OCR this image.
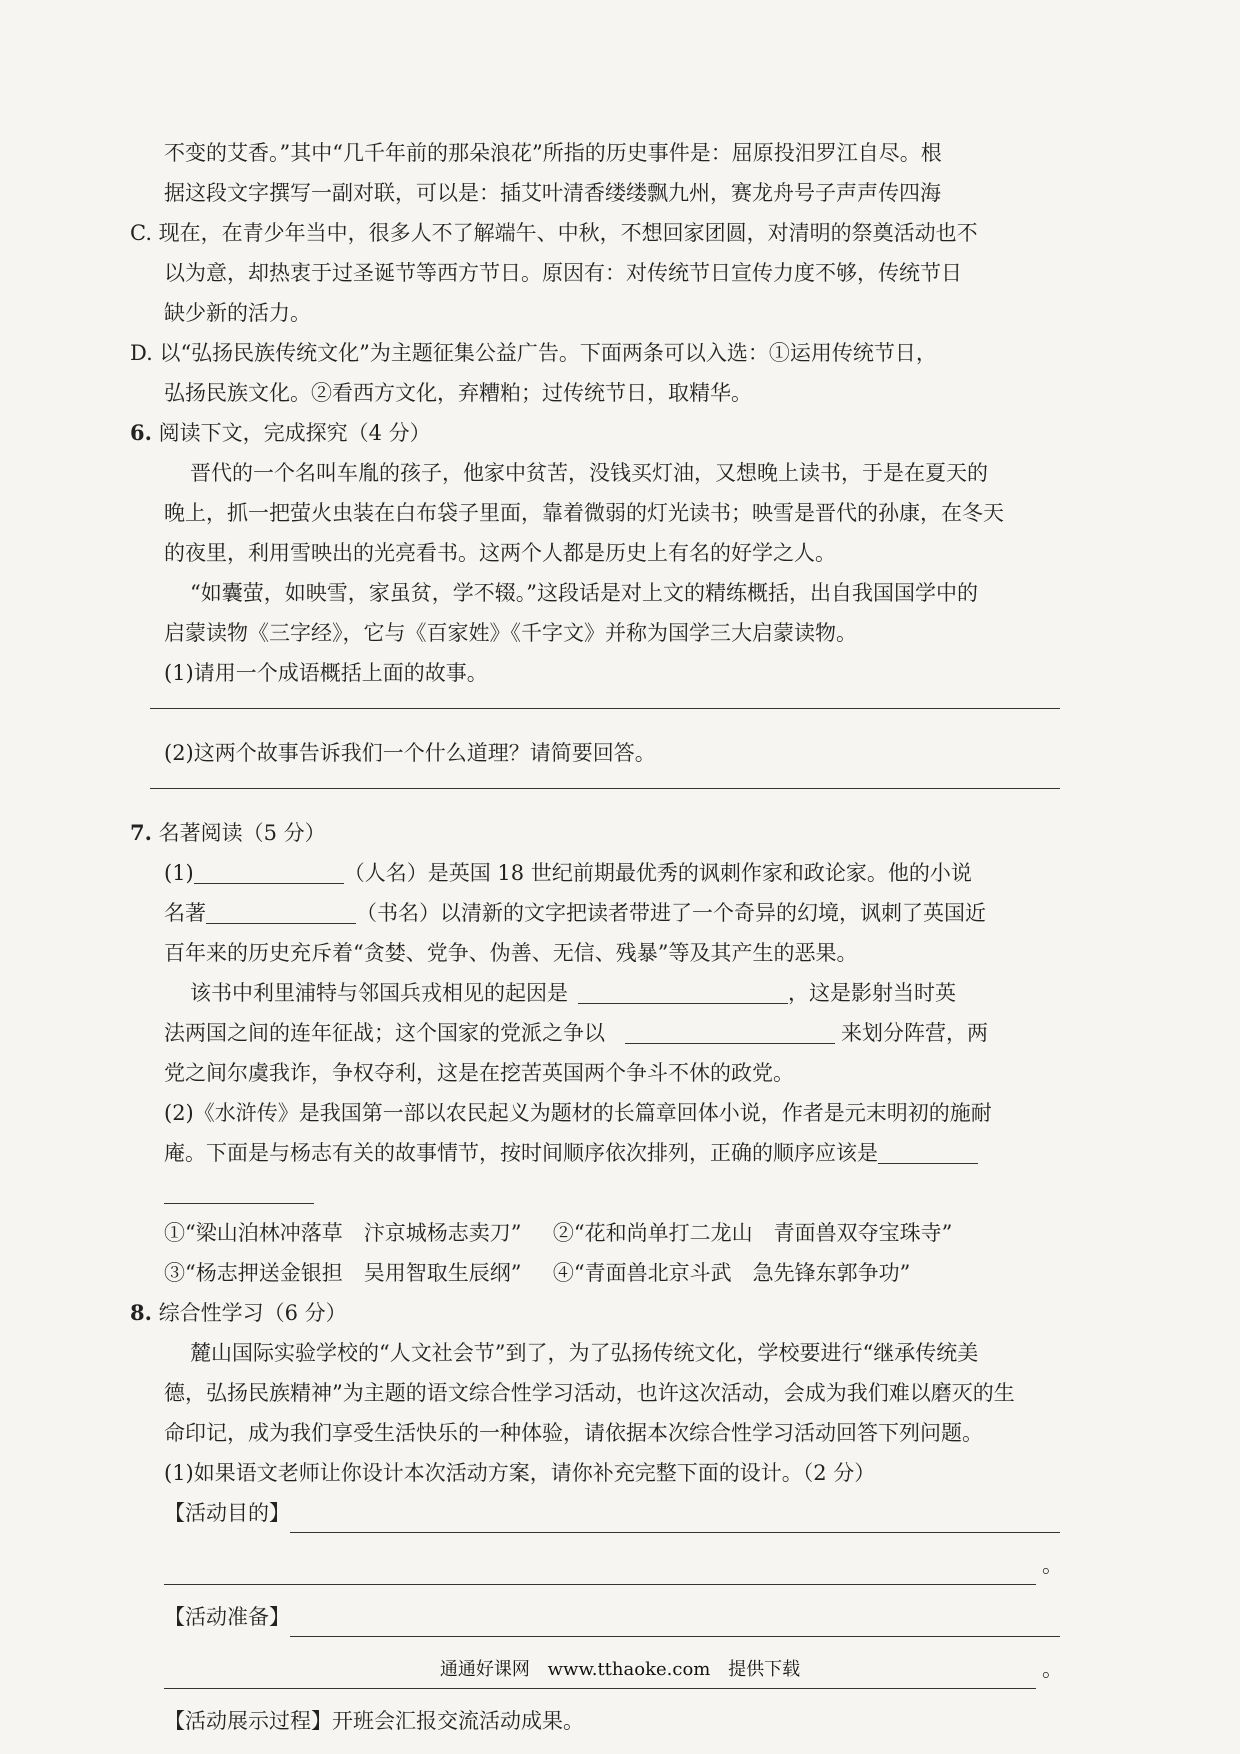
不变的艾香。”其中“几千年前的那朵浪花”所指的历史事件是：屈原投汨罗江自尽。根
据这段文字撰写一副对联，可以是：插艾叶清香缕缕飘九州，赛龙舟号子声声传四海
C. 现在，在青少年当中，很多人不了解端午、中秋，不想回家团圆，对清明的祭奠活动也不
以为意，却热衷于过圣诞节等西方节日。原因有：对传统节日宣传力度不够，传统节日
缺少新的活力。
D. 以“弘扬民族传统文化”为主题征集公益广告。下面两条可以入选：①运用传统节日，
弘扬民族文化。②看西方文化，弃糟粕；过传统节日，取精华。
6. 阅读下文，完成探究（4 分）
晋代的一个名叫车胤的孩子，他家中贫苦，没钱买灯油，又想晚上读书，于是在夏天的
晚上，抓一把萤火虫装在白布袋子里面，靠着微弱的灯光读书；映雪是晋代的孙康，在冬天
的夜里，利用雪映出的光亮看书。这两个人都是历史上有名的好学之人。
“如囊萤，如映雪，家虽贫，学不辍。”这段话是对上文的精练概括，出自我国国学中的
启蒙读物《三字经》，它与《百家姓》《千字文》并称为国学三大启蒙读物。
(1)请用一个成语概括上面的故事。
(2)这两个故事告诉我们一个什么道理？请简要回答。
7. 名著阅读（5 分）
(1)	（人名）是英国 18 世纪前期最优秀的讽刺作家和政论家。他的小说
名著	（书名）以清新的文字把读者带进了一个奇异的幻境，讽刺了英国近
百年来的历史充斥着“贪婪、党争、伪善、无信、残暴”等及其产生的恶果。
该书中利里浦特与邻国兵戎相见的起因是	，这是影射当时英
法两国之间的连年征战；这个国家的党派之争以	来划分阵营，两
党之间尔虞我诈，争权夺利，这是在挖苦英国两个争斗不休的政党。
(2)《水浒传》是我国第一部以农民起义为题材的长篇章回体小说，作者是元末明初的施耐
庵。下面是与杨志有关的故事情节，按时间顺序依次排列，正确的顺序应该是
①“梁山泊林冲落草　汴京城杨志卖刀” ②“花和尚单打二龙山　青面兽双夺宝珠寺”
③“杨志押送金银担　吴用智取生辰纲” ④“青面兽北京斗武　急先锋东郭争功”
8. 综合性学习（6 分）
麓山国际实验学校的“人文社会节”到了，为了弘扬传统文化，学校要进行“继承传统美
德，弘扬民族精神”为主题的语文综合性学习活动，也许这次活动，会成为我们难以磨灭的生
命印记，成为我们享受生活快乐的一种体验，请依据本次综合性学习活动回答下列问题。
(1)如果语文老师让你设计本次活动方案，请你补充完整下面的设计。（2 分）
【活动目的】
。
【活动准备】
。
【活动展示过程】开班会汇报交流活动成果。
通通好课网 www.tthaoke.com 提供下载
